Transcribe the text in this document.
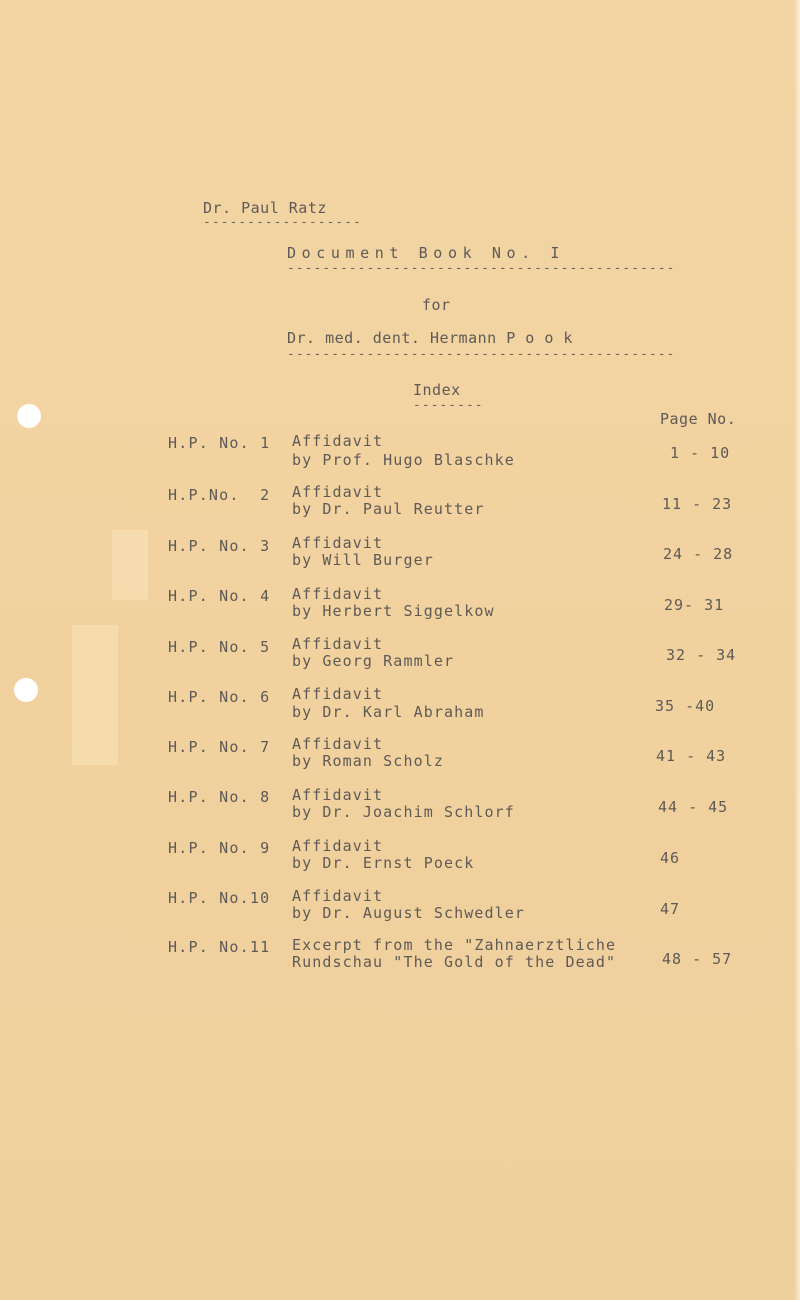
Dr. Paul Ratz
------------------
Document Book No. I
--------------------------------------------
for
Dr. med. dent. Hermann P o o k
--------------------------------------------
Index
--------
Page No.
H.P. No. 1 Affidavit
by Prof. Hugo Blaschke	1 - 10
H.P.No.  2 Affidavit
by Dr. Paul Reutter	11 - 23
H.P. No. 3 Affidavit
by Will Burger	24 - 28
H.P. No. 4 Affidavit
by Herbert Siggelkow	29- 31
H.P. No. 5 Affidavit
by Georg Rammler	32 - 34
H.P. No. 6 Affidavit
by Dr. Karl Abraham	35 -40
H.P. No. 7 Affidavit
by Roman Scholz	41 - 43
H.P. No. 8 Affidavit
by Dr. Joachim Schlorf	44 - 45
H.P. No. 9 Affidavit
by Dr. Ernst Poeck	46
H.P. No.10 Affidavit
by Dr. August Schwedler	47
H.P. No.11 Excerpt from the "Zahnaerztliche
Rundschau "The Gold of the Dead"	48 - 57
